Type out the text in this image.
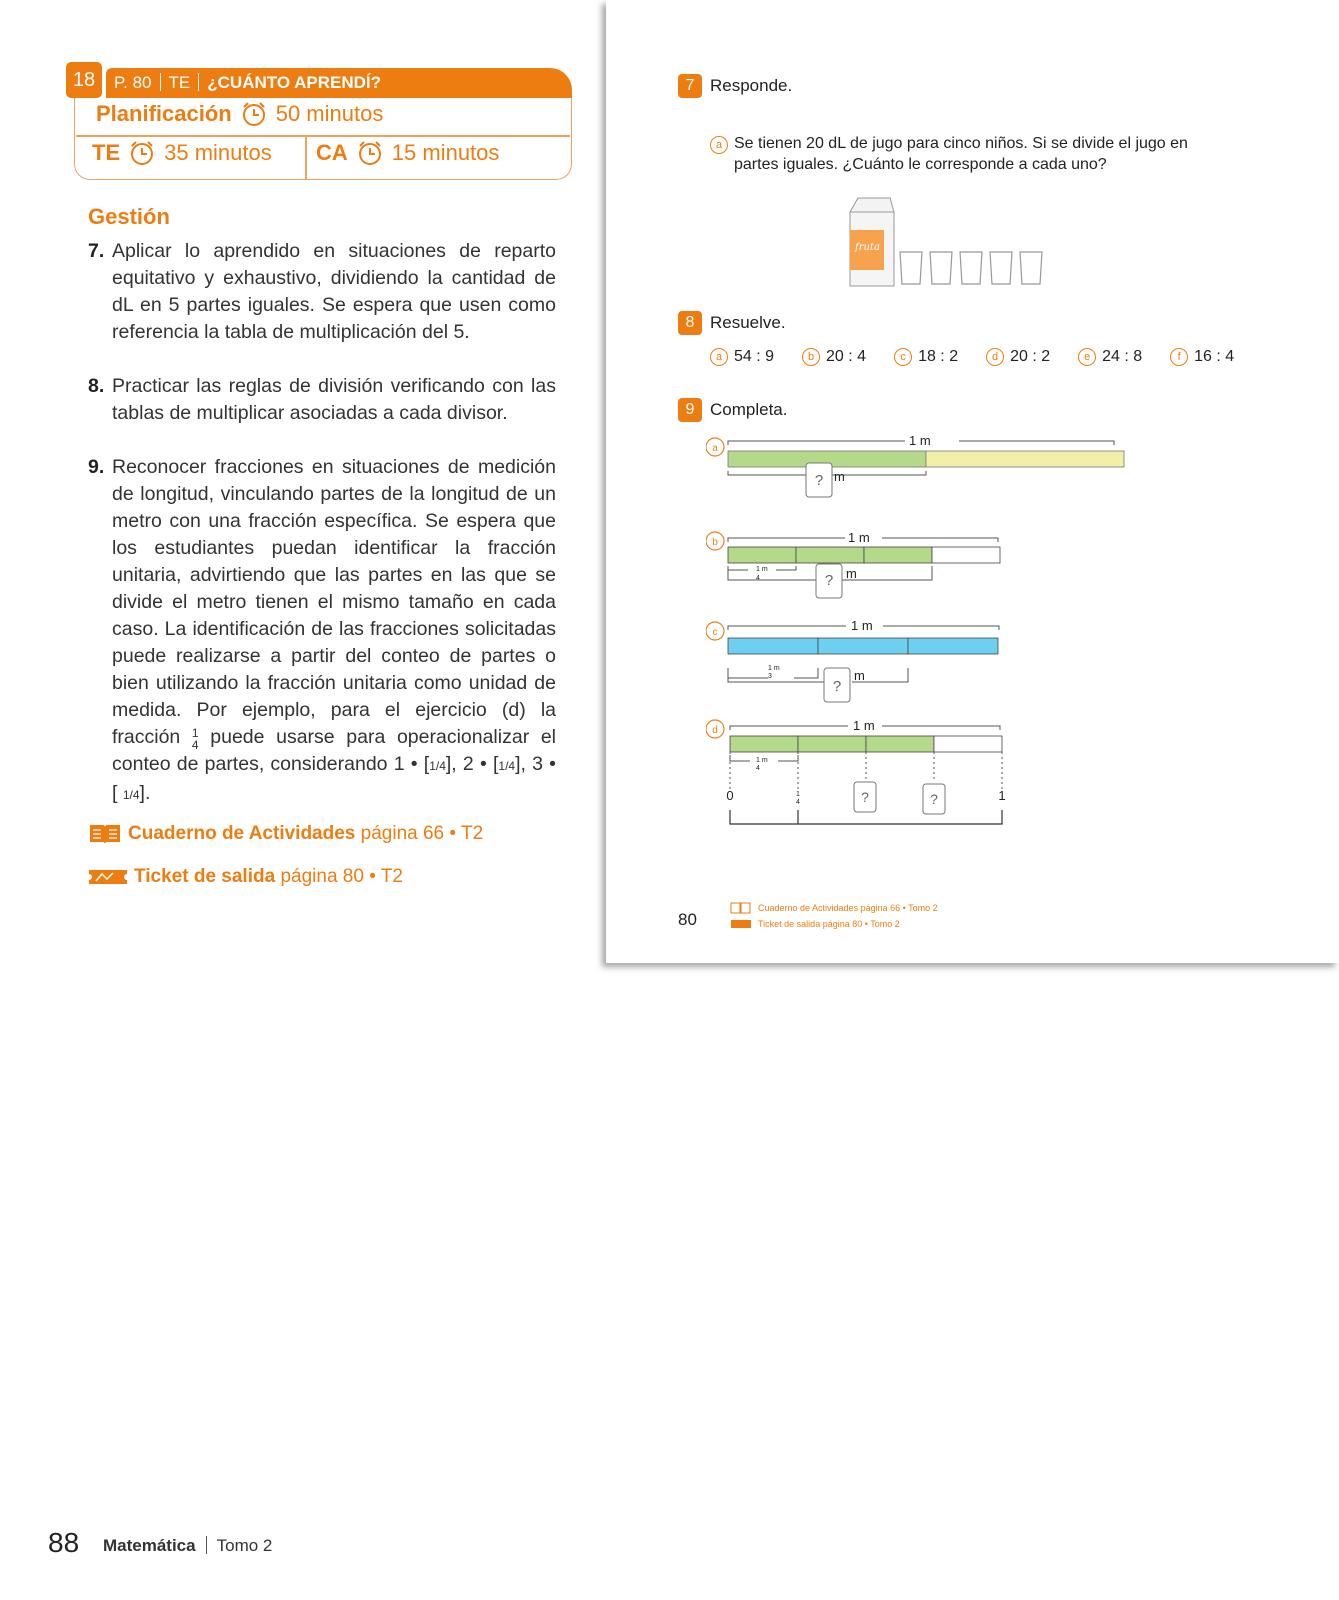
18	P. 80 TE ¿CUÁNTO APRENDÍ?
Planificación 50 minutos
TE 35 minutos CA 15 minutos
Gestión
7. Aplicar lo aprendido en situaciones de reparto equitativo y exhaustivo, dividiendo la cantidad de dL en 5 partes iguales. Se espera que usen como referencia la tabla de multiplicación del 5.
8. Practicar las reglas de división verificando con las tablas de multiplicar asociadas a cada divisor.
9. Reconocer fracciones en situaciones de medición de longitud, vinculando partes de la longitud de un metro con una fracción específica. Se espera que los estudiantes puedan identificar la fracción unitaria, advirtiendo que las partes en las que se divide el metro tienen el mismo tamaño en cada caso. La identificación de las fracciones solicitadas puede realizarse a partir del conteo de partes o bien utilizando la fracción unitaria como unidad de medida. Por ejemplo, para el ejercicio (d) la fracción 1
4 puede usarse para operacionalizar el conteo de partes, considerando 1 • [1/4], 2 • [1/4], 3 • [ 1/4].
Cuaderno de Actividades página 66 • T2
Ticket de salida página 80 • T2
7 Responde.
a Se tienen 20 dL de jugo para cinco niños. Si se divide el jugo en
partes iguales. ¿Cuánto le corresponde a cada uno?
fruta
8 Resuelve.
a 54 : 9	b 20 : 4	c 18 : 2	d 20 : 2	e 24 : 8	f 16 : 4
9 Completa.
a
1 m
? m
b	1 m
1 m
4	? m
c	1 m
1 m
3
?
m
d	1 m
1 m
4
0	1
4	?	?	1
80
Cuaderno de Actividades página 66 • Tomo 2
Ticket de salida página 80 • Tomo 2
88 Matemática Tomo 2
